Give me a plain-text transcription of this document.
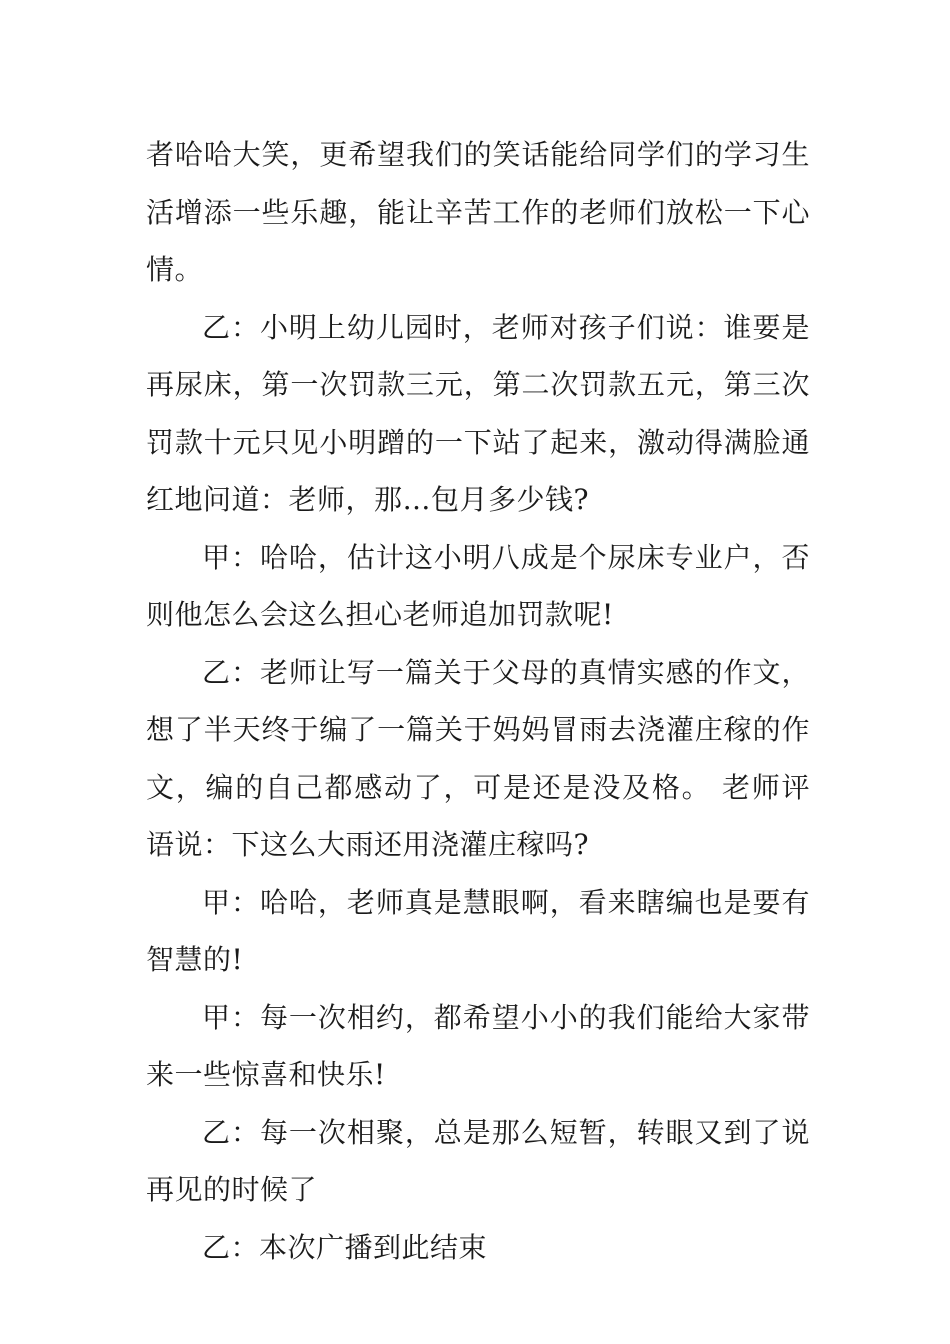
者哈哈大笑，更希望我们的笑话能给同学们的学习生活增添一些乐趣，能让辛苦工作的老师们放松一下心情。

乙：小明上幼儿园时，老师对孩子们说：谁要是再尿床，第一次罚款三元，第二次罚款五元，第三次罚款十元只见小明蹭的一下站了起来，激动得满脸通红地问道：老师，那…包月多少钱?

甲：哈哈，估计这小明八成是个尿床专业户，否则他怎么会这么担心老师追加罚款呢!

乙：老师让写一篇关于父母的真情实感的作文，想了半天终于编了一篇关于妈妈冒雨去浇灌庄稼的作文，编的自己都感动了，可是还是没及格。 老师评语说：下这么大雨还用浇灌庄稼吗?

甲：哈哈，老师真是慧眼啊，看来瞎编也是要有智慧的!

甲：每一次相约，都希望小小的我们能给大家带来一些惊喜和快乐!

乙：每一次相聚，总是那么短暂，转眼又到了说再见的时候了

乙：本次广播到此结束
